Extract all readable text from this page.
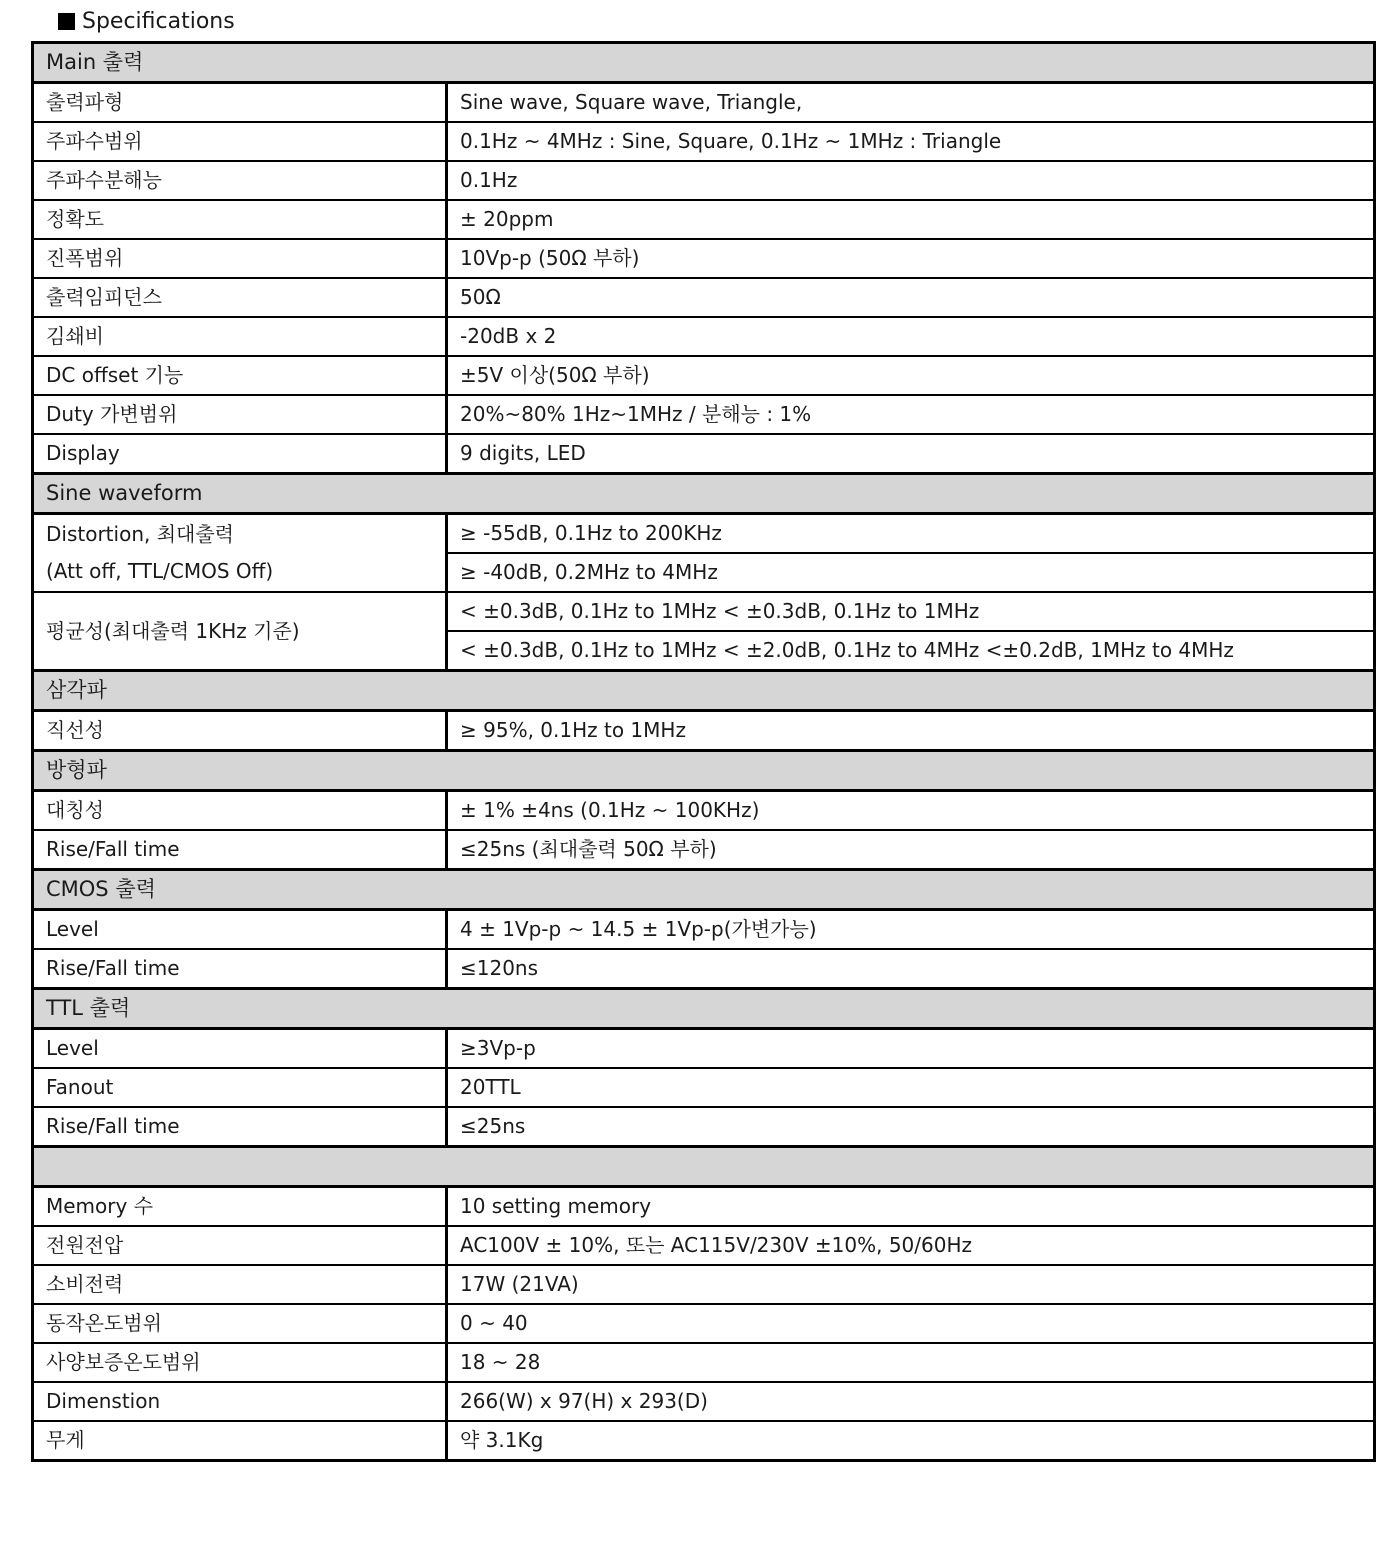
Specifications
Main 출력	
출력파형	Sine wave, Square wave, Triangle,
주파수범위	0.1Hz ~ 4MHz : Sine, Square, 0.1Hz ~ 1MHz : Triangle
주파수분해능	0.1Hz
정확도	± 20ppm
진폭범위	10Vp-p (50Ω 부하)
출력임피던스	50Ω
김쇄비	-20dB x 2
DC offset 기능	±5V 이상(50Ω 부하)
Duty 가변범위	20%~80% 1Hz~1MHz / 분해능 : 1%
Display	9 digits, LED
Sine waveform	

Distortion, 최대출력
(Att off, TTL/CMOS Off)	≥ -55dB, 0.1Hz to 200KHz
	≥ -40dB, 0.2MHz to 4MHz
평균성(최대출력 1KHz 기준)	< ±0.3dB, 0.1Hz to 1MHz < ±0.3dB, 0.1Hz to 1MHz
	< ±0.3dB, 0.1Hz to 1MHz < ±2.0dB, 0.1Hz to 4MHz <±0.2dB, 1MHz to 4MHz
삼각파	
직선성	≥ 95%, 0.1Hz to 1MHz
방형파	
대칭성	± 1% ±4ns (0.1Hz ~ 100KHz)
Rise/Fall time	≤25ns (최대출력 50Ω 부하)
CMOS 출력	
Level	4 ± 1Vp-p ~ 14.5 ± 1Vp-p(가변가능)
Rise/Fall time	≤120ns
TTL 출력	
Level	≥3Vp-p
Fanout	20TTL
Rise/Fall time	≤25ns

Memory 수	10 setting memory
전원전압	AC100V ± 10%, 또는 AC115V/230V ±10%, 50/60Hz
소비전력	17W (21VA)
동작온도범위	0 ~ 40
사양보증온도범위	18 ~ 28
Dimenstion	266(W) x 97(H) x 293(D)
무게	약 3.1Kg
